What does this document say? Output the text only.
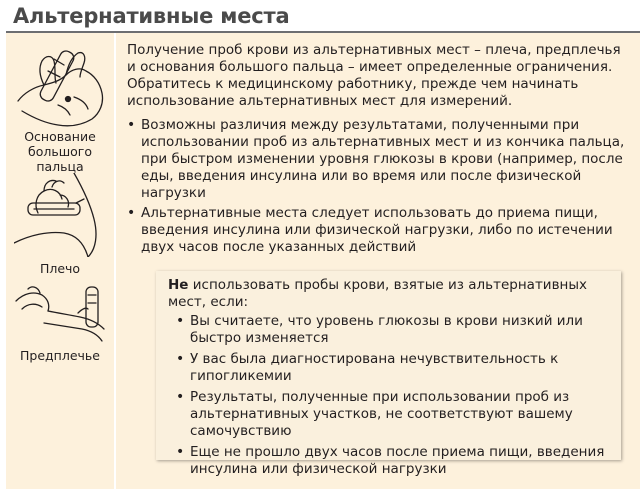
Альтернативные места
Основание большого пальца
Плечо
Предплечье

Получение проб крови из альтернативных мест – плеча, предплечья и основания большого пальца – имеет определенные ограничения. Обратитесь к медицинскому работнику, прежде чем начинать использование альтернативных мест для измерений.

• Возможны различия между результатами, полученными при использовании проб из альтернативных мест и из кончика пальца, при быстром изменении уровня глюкозы в крови (например, после еды, введения инсулина или во время или после физической нагрузки
• Альтернативные места следует использовать до приема пищи, введения инсулина или физической нагрузки, либо по истечении двух часов после указанных действий

Не использовать пробы крови, взятые из альтернативных мест, если:

• Вы считаете, что уровень глюкозы в крови низкий или быстро изменяется
• У вас была диагностирована нечувствительность к гипогликемии
• Результаты, полученные при использовании проб из альтернативных участков, не соответствуют вашему самочувствию
• Еще не прошло двух часов после приема пищи, введения инсулина или физической нагрузки
